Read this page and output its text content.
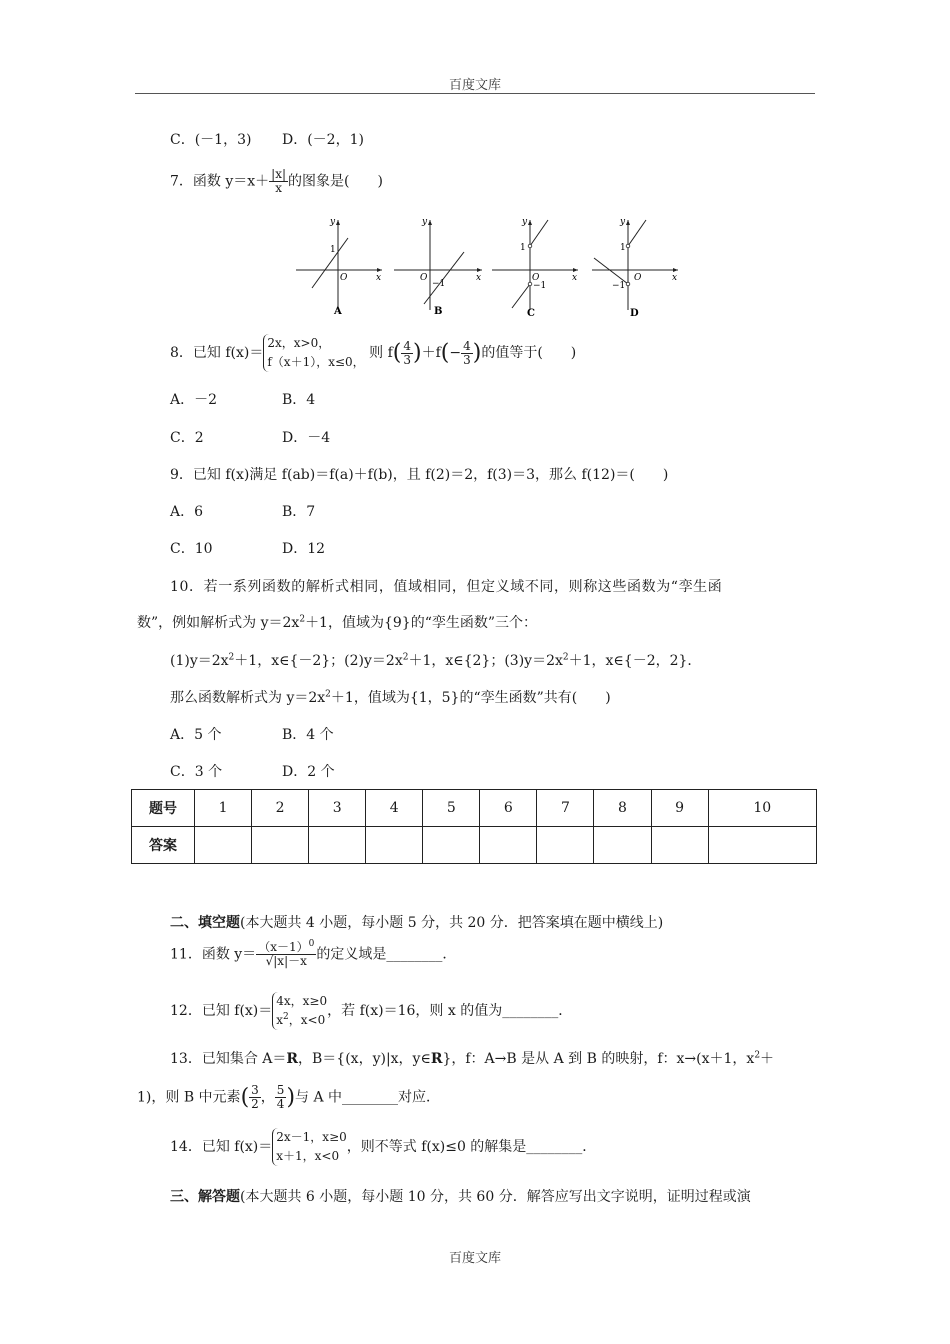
百度文库
C．(－1，3) D．(－2，1)
7．函数 $y=x+ \frac{|x|}{x}$ 的图象是(　　)
y
x
O
1
A
y
x
O
−1
B
y
x
O
1
−1
C
y
x
O
1
−1
D
8．已知 f(x)＝
2x，x>0，
f（x＋1），x≤0，
则 $f( \frac{4}{3} )+f(- \frac{4}{3}$ )的值等于(　　)
A．－2	B．4
C．2	D．－4
9．已知 f(x)满足 f(ab)＝f(a)＋f(b)，且 f(2)＝2，f(3)＝3，那么 f(12)＝(　　)
A．6	B．7
C．10	D．12
10．若一系列函数的解析式相同，值域相同，但定义域不同，则称这些函数为“孪生函
数”，例如解析式为 $y=2x^2+1$，值域为{9}的“孪生函数”三个：
$(1)y=2x^2+1$，x∈{－2}；$(2)y=2x^2+1$，x∈{2}；$(3)y=2x^2+1$，x∈{－2，2}．
那么函数解析式为 $y=2x^2+1$，值域为{1，5}的“孪生函数”共有(　　)
A．5 个	B．4 个
C．3 个	D．2 个
题号	1	2	3	4	5	6	7	8	9	10
答案										
二、填空题(本大题共 4 小题，每小题 5 分，共 20 分．把答案填在题中横线上)
11．函数 $y= \frac{(x-1)^0}{√|x|-x}$ 的定义域是________．
12．已知 f(x)＝
4x，x≥0
$x^2$，x<0
，若 f(x)＝16，则 x 的值为________．
13．已知集合 A＝R，B＝{(x，y)|x，y∈R}，f：A→B 是从 A 到 B 的映射，f：x→(x＋1，$x^2+$
1)，则 B 中元素( $\frac{3}{2}$ ， $\frac{5}{4}$ )与 A 中________对应．
14．已知 f(x)＝
2x－1，x≥0
x＋1，x<0
，则不等式 f(x)≤0 的解集是________．
三、解答题(本大题共 6 小题，每小题 10 分，共 60 分．解答应写出文字说明，证明过程或演
百度文库
